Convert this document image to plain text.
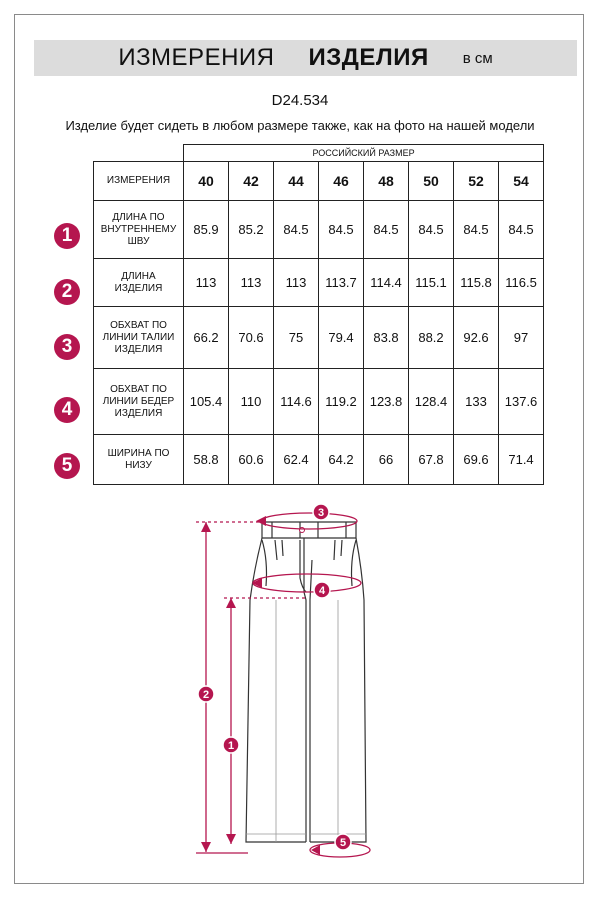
ИЗМЕРЕНИЯ ИЗДЕЛИЯ в см
D24.534
Изделие будет сидеть в любом размере также, как на фото на нашей модели
	РОССИЙСКИЙ РАЗМЕР							
ИЗМЕРЕНИЯ	40	42	44	46	48	50	52	54

ДЛИНА ПО
ВНУТРЕННЕМУ
ШВУ	85.9	85.2	84.5	84.5	84.5	84.5	84.5	84.5

ДЛИНА
ИЗДЕЛИЯ	113	113	113	113.7	114.4	115.1	115.8	116.5

ОБХВАТ ПО
ЛИНИИ ТАЛИИ
ИЗДЕЛИЯ	66.2	70.6	75	79.4	83.8	88.2	92.6	97

ОБХВАТ ПО
ЛИНИИ БЕДЕР
ИЗДЕЛИЯ	105.4	110	114.6	119.2	123.8	128.4	133	137.6

ШИРИНА ПО
НИЗУ	58.8	60.6	62.4	64.2	66	67.8	69.6	71.4
1
2
3
4
5
3
4
2
1
5
